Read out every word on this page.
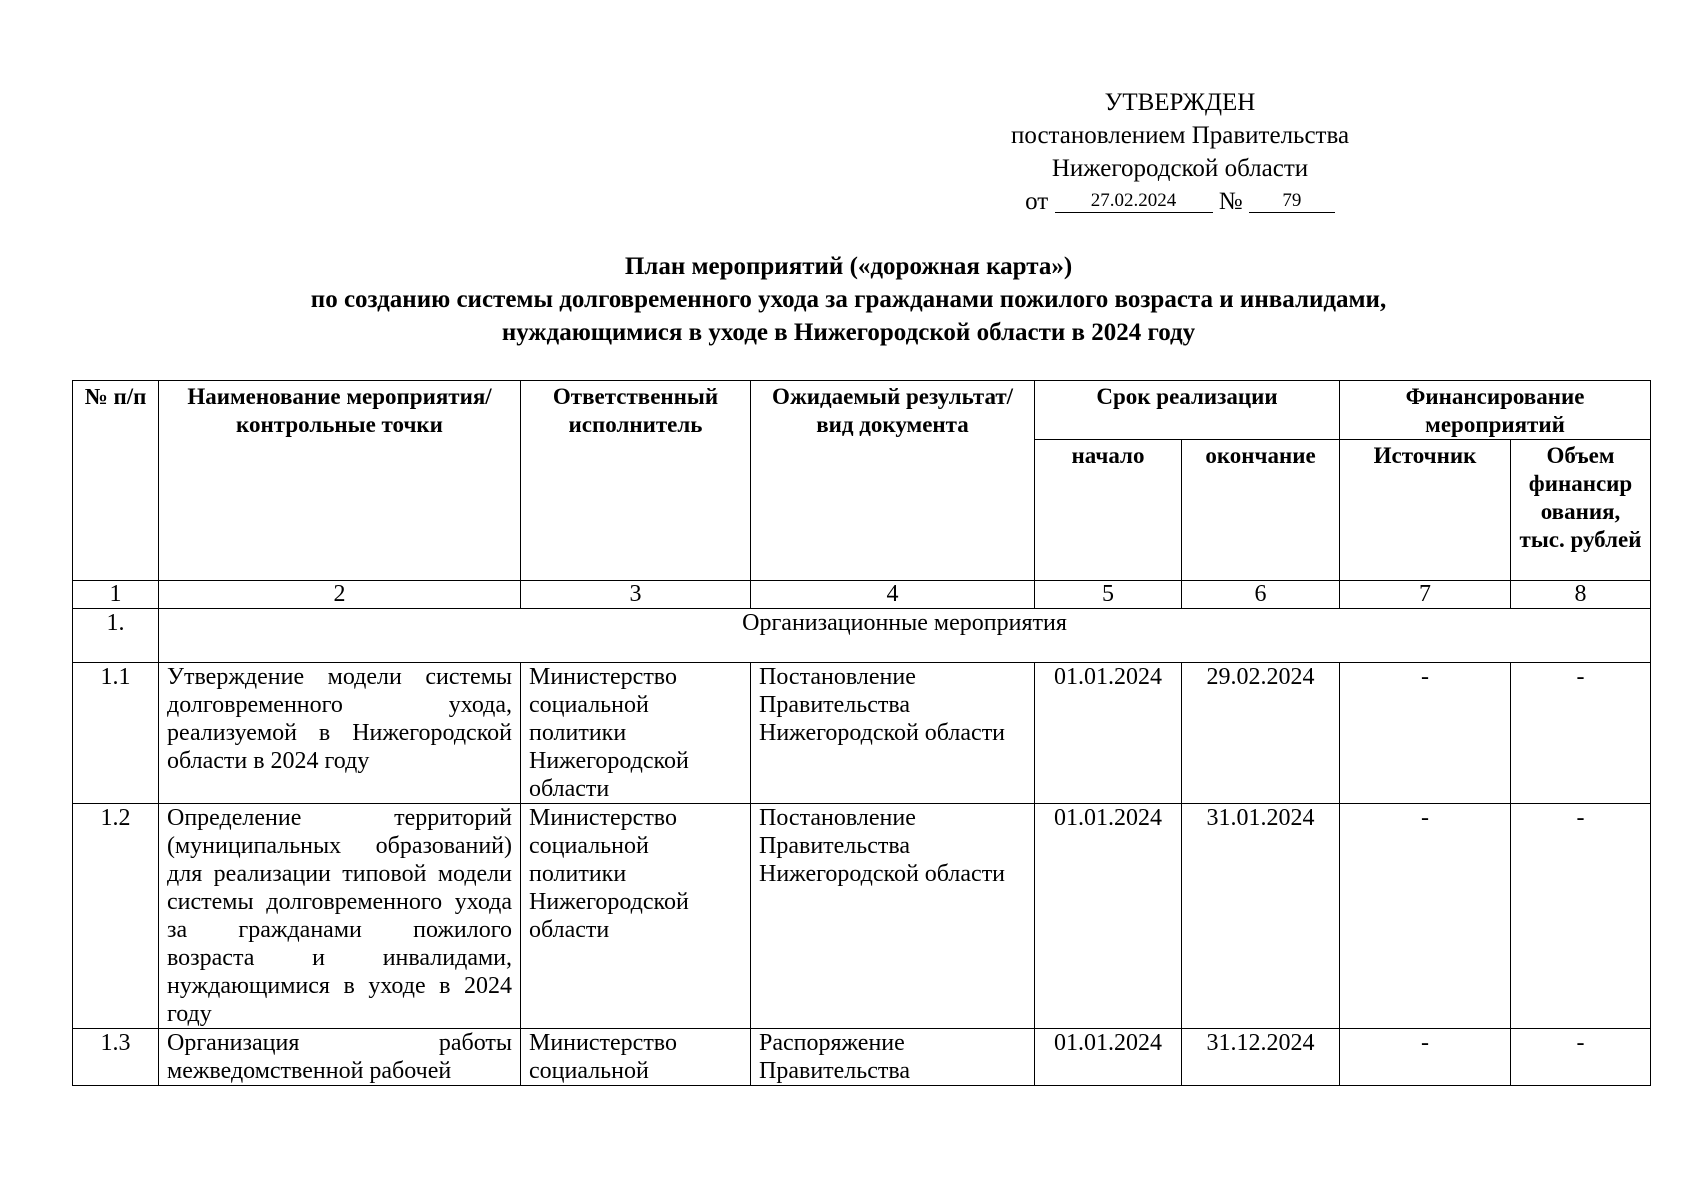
УТВЕРЖДЕН
постановлением Правительства
Нижегородской области
от 27.02.2024 № 79
План мероприятий («дорожная карта»)
по созданию системы долговременного ухода за гражданами пожилого возраста и инвалидами,
нуждающимися в уходе в Нижегородской области в 2024 году
№ п/п	Наименование мероприятия/ контрольные точки	Ответственный исполнитель	Ожидаемый результат/вид документа	Срок реализации		Финансирование мероприятий	
				начало	окончание	Источник	Объем финансир ования, тыс. рублей
1	2	3	4	5	6	7	8
1.	Организационные мероприятия						
1.1	Утверждение модели системы долговременного ухода, реализуемой в Нижегородской области в 2024 году	Министерство социальной политики Нижегородской области	Постановление Правительства Нижегородской области	01.01.2024	29.02.2024	-	-
1.2	Определение территорий (муниципальных образований) для реализации типовой модели системы долговременного ухода за гражданами пожилого возраста и инвалидами, нуждающимися в уходе в 2024 году	Министерство социальной политики Нижегородской области	Постановление Правительства Нижегородской области	01.01.2024	31.01.2024	-	-
1.3	Организация работы межведомственной рабочей	Министерство социальной	Распоряжение Правительства	01.01.2024	31.12.2024	-	-
